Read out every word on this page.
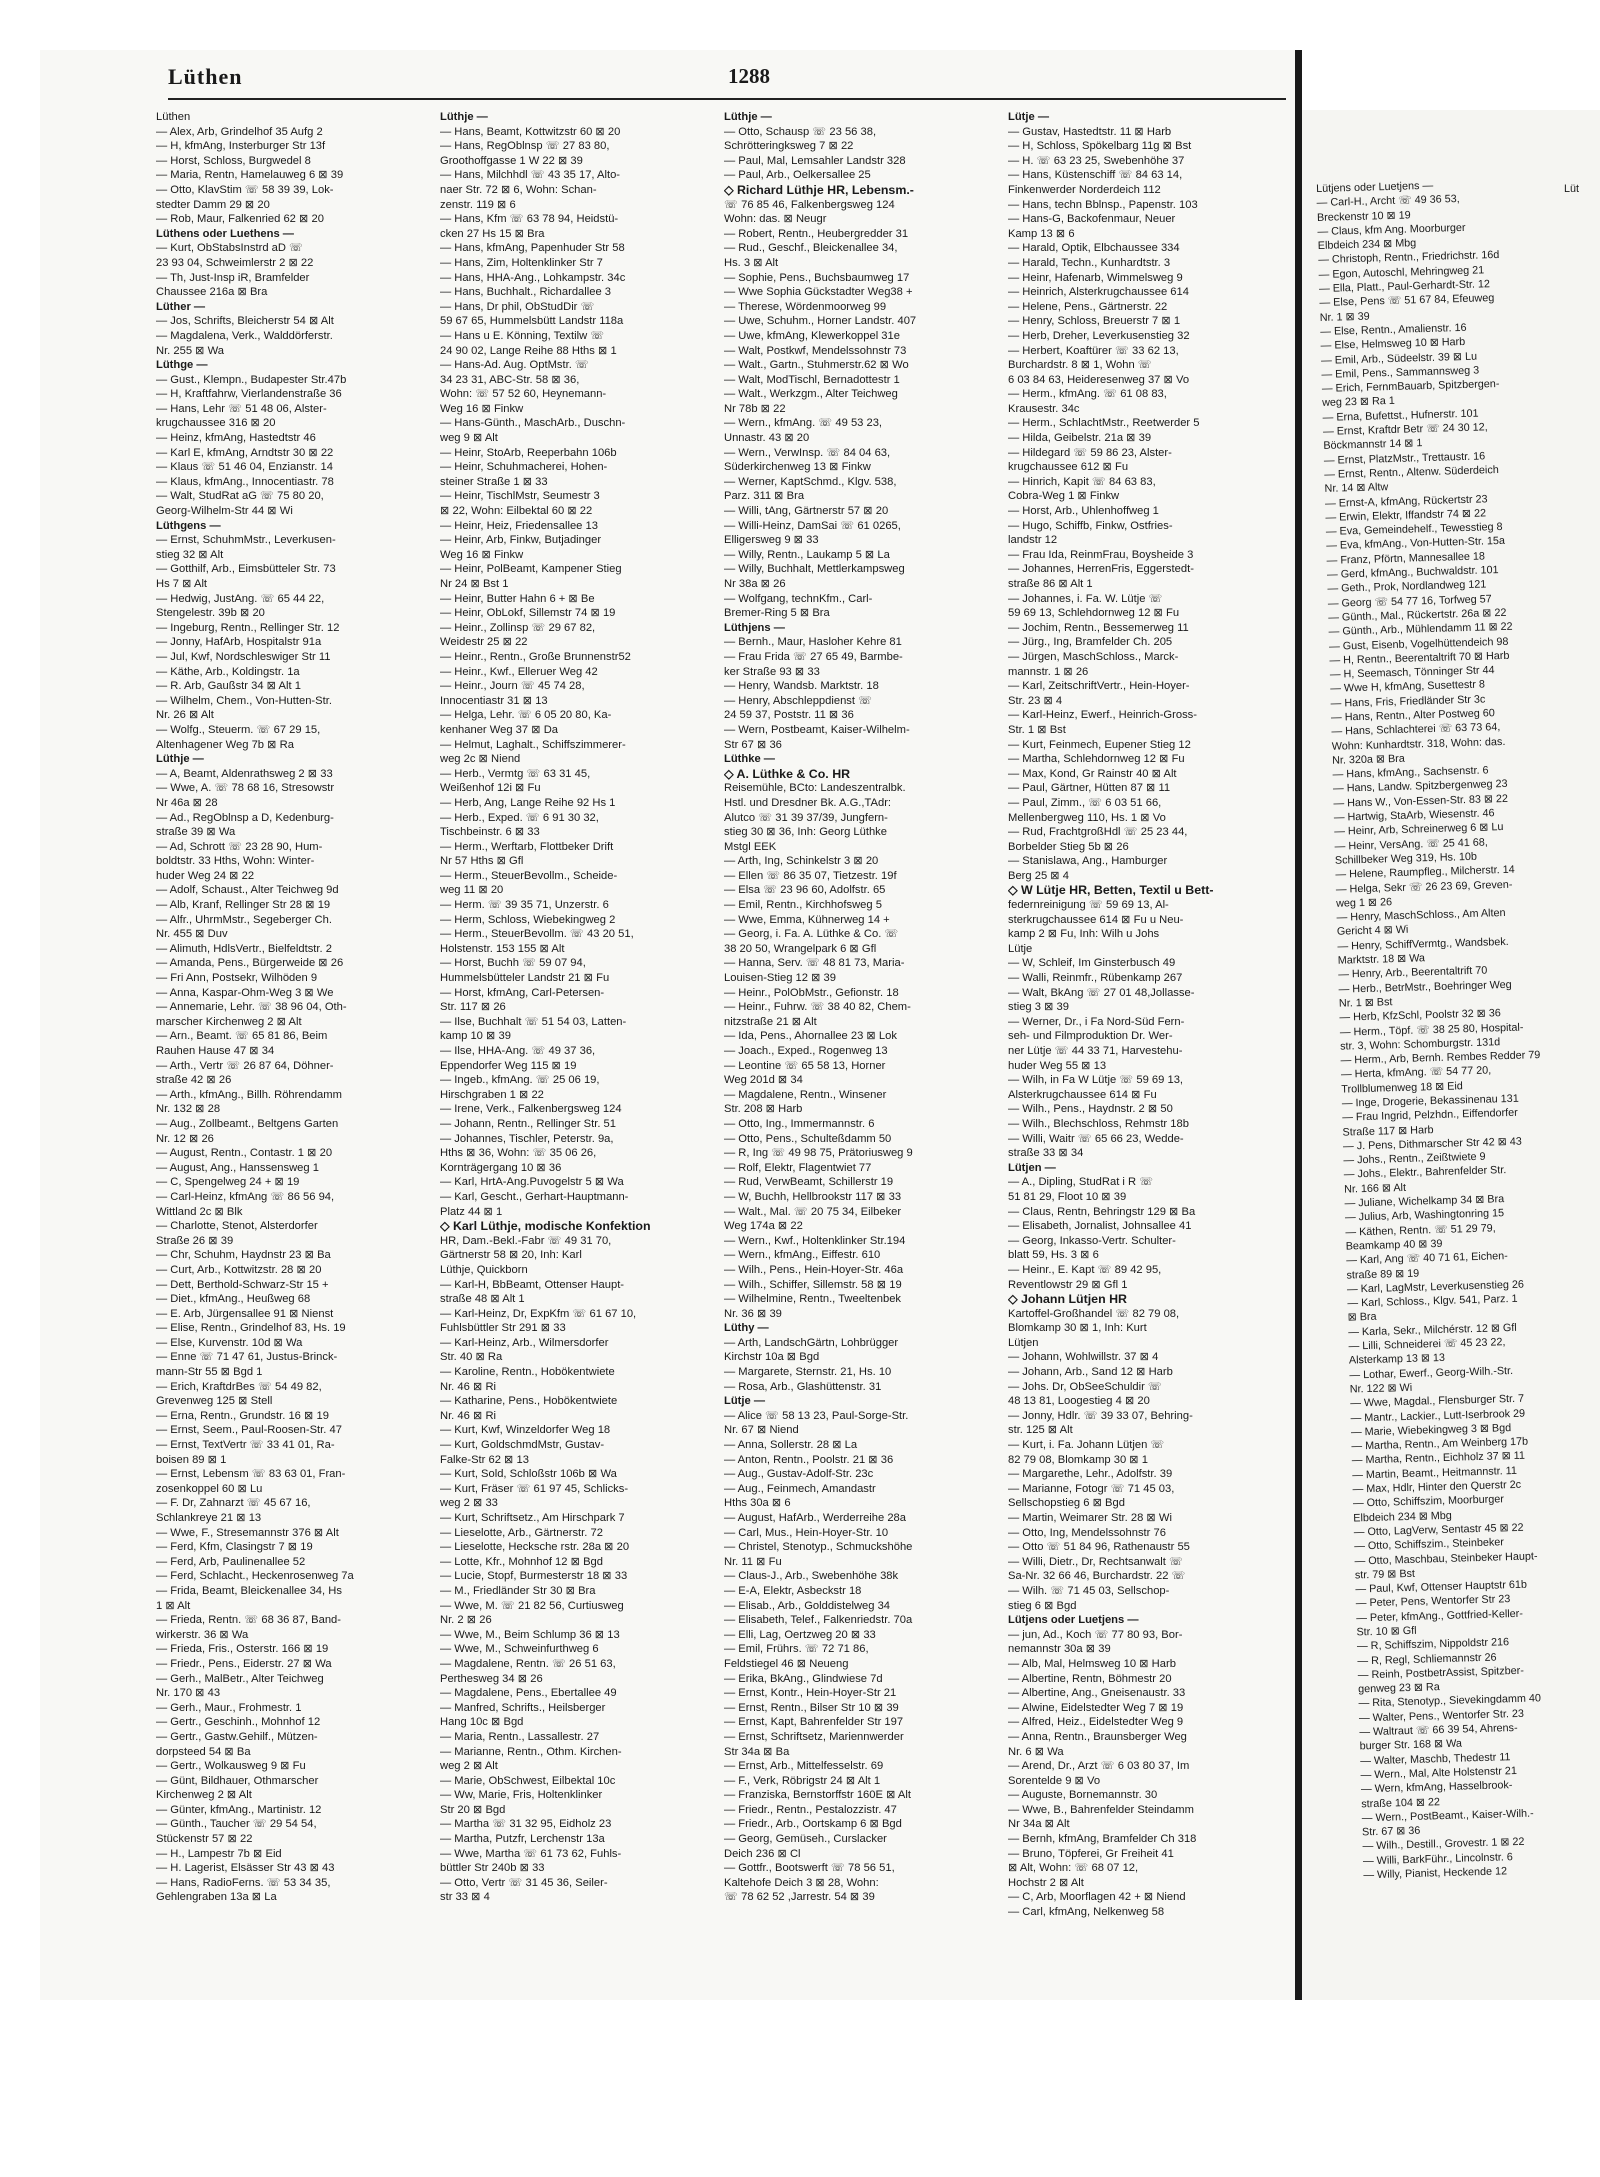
Lüthen	1288
Lüthen
— Alex, Arb, Grindelhof 35 Aufg 2
— H, kfmAng, Insterburger Str 13f
— Horst, Schloss, Burgwedel 8
— Maria, Rentn, Hamelauweg 6 ⊠ 39
— Otto, KlavStim ☏ 58 39 39, Lok-
stedter Damm 29 ⊠ 20
— Rob, Maur, Falkenried 62 ⊠ 20
Lüthens oder Luethens —
— Kurt, ObStabsInstrd aD ☏
23 93 04, Schweimlerstr 2 ⊠ 22
— Th, Just-Insp iR, Bramfelder
Chaussee 216a ⊠ Bra
Lüther —
— Jos, Schrifts, Bleicherstr 54 ⊠ Alt
— Magdalena, Verk., Walddörferstr.
Nr. 255 ⊠ Wa
Lüthge —
— Gust., Klempn., Budapester Str.47b
— H, Kraftfahrw, Vierlandenstraße 36
— Hans, Lehr ☏ 51 48 06, Alster-
krugchaussee 316 ⊠ 20
— Heinz, kfmAng, Hastedtstr 46
— Karl E, kfmAng, Arndtstr 30 ⊠ 22
— Klaus ☏ 51 46 04, Enzianstr. 14
— Klaus, kfmAng., Innocentiastr. 78
— Walt, StudRat aG ☏ 75 80 20,
Georg-Wilhelm-Str 44 ⊠ Wi
Lüthgens —
— Ernst, SchuhmMstr., Leverkusen-
stieg 32 ⊠ Alt
— Gotthilf, Arb., Eimsbütteler Str. 73
Hs 7 ⊠ Alt
— Hedwig, JustAng. ☏ 65 44 22,
Stengelestr. 39b ⊠ 20
— Ingeburg, Rentn., Rellinger Str. 12
— Jonny, HafArb, Hospitalstr 91a
— Jul, Kwf, Nordschleswiger Str 11
— Käthe, Arb., Koldingstr. 1a
— R. Arb, Gaußstr 34 ⊠ Alt 1
— Wilhelm, Chem., Von-Hutten-Str.
Nr. 26 ⊠ Alt
— Wolfg., Steuerm. ☏ 67 29 15,
Altenhagener Weg 7b ⊠ Ra
Lüthje —
— A, Beamt, Aldenrathsweg 2 ⊠ 33
— Wwe, A. ☏ 78 68 16, Stresowstr
Nr 46a ⊠ 28
— Ad., RegOblnsp a D, Kedenburg-
straße 39 ⊠ Wa
— Ad, Schrott ☏ 23 28 90, Hum-
boldtstr. 33 Hths, Wohn: Winter-
huder Weg 24 ⊠ 22
— Adolf, Schaust., Alter Teichweg 9d
— Alb, Kranf, Rellinger Str 28 ⊠ 19
— Alfr., UhrmMstr., Segeberger Ch.
Nr. 455 ⊠ Duv
— Alimuth, HdlsVertr., Bielfeldtstr. 2
— Amanda, Pens., Bürgerweide ⊠ 26
— Fri Ann, Postsekr, Wilhöden 9
— Anna, Kaspar-Ohm-Weg 3 ⊠ We
— Annemarie, Lehr. ☏ 38 96 04, Oth-
marscher Kirchenweg 2 ⊠ Alt
— Arn., Beamt. ☏ 65 81 86, Beim
Rauhen Hause 47 ⊠ 34
— Arth., Vertr ☏ 26 87 64, Döhner-
straße 42 ⊠ 26
— Arth., kfmAng., Billh. Röhrendamm
Nr. 132 ⊠ 28
— Aug., Zollbeamt., Beltgens Garten
Nr. 12 ⊠ 26
— August, Rentn., Contastr. 1 ⊠ 20
— August, Ang., Hanssensweg 1
— C, Spengelweg 24 + ⊠ 19
— Carl-Heinz, kfmAng ☏ 86 56 94,
Wittland 2c ⊠ Blk
— Charlotte, Stenot, Alsterdorfer
Straße 26 ⊠ 39
— Chr, Schuhm, Haydnstr 23 ⊠ Ba
— Curt, Arb., Kottwitzstr. 28 ⊠ 20
— Dett, Berthold-Schwarz-Str 15 +
— Diet., kfmAng., Heußweg 68
— E. Arb, Jürgensallee 91 ⊠ Nienst
— Elise, Rentn., Grindelhof 83, Hs. 19
— Else, Kurvenstr. 10d ⊠ Wa
— Enne ☏ 71 47 61, Justus-Brinck-
mann-Str 55 ⊠ Bgd 1
— Erich, KraftdrBes ☏ 54 49 82,
Grevenweg 125 ⊠ Stell
— Erna, Rentn., Grundstr. 16 ⊠ 19
— Ernst, Seem., Paul-Roosen-Str. 47
— Ernst, TextVertr ☏ 33 41 01, Ra-
boisen 89 ⊠ 1
— Ernst, Lebensm ☏ 83 63 01, Fran-
zosenkoppel 60 ⊠ Lu
— F. Dr, Zahnarzt ☏ 45 67 16,
Schlankreye 21 ⊠ 13
— Wwe, F., Stresemannstr 376 ⊠ Alt
— Ferd, Kfm, Clasingstr 7 ⊠ 19
— Ferd, Arb, Paulinenallee 52
— Ferd, Schlacht., Heckenrosenweg 7a
— Frida, Beamt, Bleickenallee 34, Hs
1 ⊠ Alt
— Frieda, Rentn. ☏ 68 36 87, Band-
wirkerstr. 36 ⊠ Wa
— Frieda, Fris., Osterstr. 166 ⊠ 19
— Friedr., Pens., Eiderstr. 27 ⊠ Wa
— Gerh., MalBetr., Alter Teichweg
Nr. 170 ⊠ 43
— Gerh., Maur., Frohmestr. 1
— Gertr., Geschinh., Mohnhof 12
— Gertr., Gastw.Gehilf., Mützen-
dorpsteed 54 ⊠ Ba
— Gertr., Wolkausweg 9 ⊠ Fu
— Günt, Bildhauer, Othmarscher
Kirchenweg 2 ⊠ Alt
— Günter, kfmAng., Martinistr. 12
— Günth., Taucher ☏ 29 54 54,
Stückenstr 57 ⊠ 22
— H., Lampestr 7b ⊠ Eid
— H. Lagerist, Elsässer Str 43 ⊠ 43
— Hans, RadioFerns. ☏ 53 34 35,
Gehlengraben 13a ⊠ La
Lüthje —
— Hans, Beamt, Kottwitzstr 60 ⊠ 20
— Hans, RegOblnsp ☏ 27 83 80,
Groothoffgasse 1 W 22 ⊠ 39
— Hans, Milchhdl ☏ 43 35 17, Alto-
naer Str. 72 ⊠ 6, Wohn: Schan-
zenstr. 119 ⊠ 6
— Hans, Kfm ☏ 63 78 94, Heidstü-
cken 27 Hs 15 ⊠ Bra
— Hans, kfmAng, Papenhuder Str 58
— Hans, Zim, Holtenklinker Str 7
— Hans, HHA-Ang., Lohkampstr. 34c
— Hans, Buchhalt., Richardallee 3
— Hans, Dr phil, ObStudDir ☏
59 67 65, Hummelsbütt Landstr 118a
— Hans u E. Könning, Textilw ☏
24 90 02, Lange Reihe 88 Hths ⊠ 1
— Hans-Ad. Aug. OptMstr. ☏
34 23 31, ABC-Str. 58 ⊠ 36,
Wohn: ☏ 57 52 60, Heynemann-
Weg 16 ⊠ Finkw
— Hans-Günth., MaschArb., Duschn-
weg 9 ⊠ Alt
— Heinr, StoArb, Reeperbahn 106b
— Heinr, Schuhmacherei, Hohen-
steiner Straße 1 ⊠ 33
— Heinr, TischlMstr, Seumestr 3
⊠ 22, Wohn: Eilbektal 60 ⊠ 22
— Heinr, Heiz, Friedensallee 13
— Heinr, Arb, Finkw, Butjadinger
Weg 16 ⊠ Finkw
— Heinr, PolBeamt, Kampener Stieg
Nr 24 ⊠ Bst 1
— Heinr, Butter Hahn 6 + ⊠ Be
— Heinr, ObLokf, Sillemstr 74 ⊠ 19
— Heinr., Zollinsp ☏ 29 67 82,
Weidestr 25 ⊠ 22
— Heinr., Rentn., Große Brunnenstr52
— Heinr., Kwf., Elleruer Weg 42
— Heinr., Journ ☏ 45 74 28,
Innocentiastr 31 ⊠ 13
— Helga, Lehr. ☏ 6 05 20 80, Ka-
kenhaner Weg 37 ⊠ Da
— Helmut, Laghalt., Schiffszimmerer-
weg 2c ⊠ Niend
— Herb., Vermtg ☏ 63 31 45,
Weißenhof 12i ⊠ Fu
— Herb, Ang, Lange Reihe 92 Hs 1
— Herb., Exped. ☏ 6 91 30 32,
Tischbeinstr. 6 ⊠ 33
— Herm., Werftarb, Flottbeker Drift
Nr 57 Hths ⊠ Gfl
— Herm., SteuerBevollm., Scheide-
weg 11 ⊠ 20
— Herm. ☏ 39 35 71, Unzerstr. 6
— Herm, Schloss, Wiebekingweg 2
— Herm., SteuerBevollm. ☏ 43 20 51,
Holstenstr. 153 155 ⊠ Alt
— Horst, Buchh ☏ 59 07 94,
Hummelsbütteler Landstr 21 ⊠ Fu
— Horst, kfmAng, Carl-Petersen-
Str. 117 ⊠ 26
— Ilse, Buchhalt ☏ 51 54 03, Latten-
kamp 10 ⊠ 39
— Ilse, HHA-Ang. ☏ 49 37 36,
Eppendorfer Weg 115 ⊠ 19
— Ingeb., kfmAng. ☏ 25 06 19,
Hirschgraben 1 ⊠ 22
— Irene, Verk., Falkenbergsweg 124
— Johann, Rentn., Rellinger Str. 51
— Johannes, Tischler, Peterstr. 9a,
Hths ⊠ 36, Wohn: ☏ 35 06 26,
Kornträgergang 10 ⊠ 36
— Karl, HrtA-Ang.Puvogelstr 5 ⊠ Wa
— Karl, Gescht., Gerhart-Hauptmann-
Platz 44 ⊠ 1
◇ Karl Lüthje, modische Konfektion
HR, Dam.-Bekl.-Fabr ☏ 49 31 70,
Gärtnerstr 58 ⊠ 20, Inh: Karl
Lüthje, Quickborn
— Karl-H, BbBeamt, Ottenser Haupt-
straße 48 ⊠ Alt 1
— Karl-Heinz, Dr, ExpKfm ☏ 61 67 10,
Fuhlsbüttler Str 291 ⊠ 33
— Karl-Heinz, Arb., Wilmersdorfer
Str. 40 ⊠ Ra
— Karoline, Rentn., Hobökentwiete
Nr. 46 ⊠ Ri
— Katharine, Pens., Hobökentwiete
Nr. 46 ⊠ Ri
— Kurt, Kwf, Winzeldorfer Weg 18
— Kurt, GoldschmdMstr, Gustav-
Falke-Str 62 ⊠ 13
— Kurt, Sold, Schloßstr 106b ⊠ Wa
— Kurt, Fräser ☏ 61 97 45, Schlicks-
weg 2 ⊠ 33
— Kurt, Schriftsetz., Am Hirschpark 7
— Lieselotte, Arb., Gärtnerstr. 72
— Lieselotte, Hecksche rstr. 28a ⊠ 20
— Lotte, Kfr., Mohnhof 12 ⊠ Bgd
— Lucie, Stopf, Burmesterstr 18 ⊠ 33
— M., Friedländer Str 30 ⊠ Bra
— Wwe, M. ☏ 21 82 56, Curtiusweg
Nr. 2 ⊠ 26
— Wwe, M., Beim Schlump 36 ⊠ 13
— Wwe, M., Schweinfurthweg 6
— Magdalene, Rentn. ☏ 26 51 63,
Perthesweg 34 ⊠ 26
— Magdalene, Pens., Ebertallee 49
— Manfred, Schrifts., Heilsberger
Hang 10c ⊠ Bgd
— Maria, Rentn., Lassallestr. 27
— Marianne, Rentn., Othm. Kirchen-
weg 2 ⊠ Alt
— Marie, ObSchwest, Eilbektal 10c
— Ww, Marie, Fris, Holtenklinker
Str 20 ⊠ Bgd
— Martha ☏ 31 32 95, Eidholz 23
— Martha, Putzfr, Lerchenstr 13a
— Wwe, Martha ☏ 61 73 62, Fuhls-
büttler Str 240b ⊠ 33
— Otto, Vertr ☏ 31 45 36, Seiler-
str 33 ⊠ 4
Lüthje —
— Otto, Schausp ☏ 23 56 38,
Schrötteringksweg 7 ⊠ 22
— Paul, Mal, Lemsahler Landstr 328
— Paul, Arb., Oelkersallee 25
◇ Richard Lüthje HR, Lebensm.-
☏ 76 85 46, Falkenbergsweg 124
Wohn: das. ⊠ Neugr
— Robert, Rentn., Heubergredder 31
— Rud., Geschf., Bleickenallee 34,
Hs. 3 ⊠ Alt
— Sophie, Pens., Buchsbaumweg 17
— Wwe Sophia Gückstadter Weg38 +
— Therese, Wördenmoorweg 99
— Uwe, Schuhm., Horner Landstr. 407
— Uwe, kfmAng, Klewerkoppel 31e
— Walt, Postkwf, Mendelssohnstr 73
— Walt., Gartn., Stuhmerstr.62 ⊠ Wo
— Walt, ModTischl, Bernadottestr 1
— Walt., Werkzgm., Alter Teichweg
Nr 78b ⊠ 22
— Wern., kfmAng. ☏ 49 53 23,
Unnastr. 43 ⊠ 20
— Wern., VerwInsp. ☏ 84 04 63,
Süderkirchenweg 13 ⊠ Finkw
— Werner, KaptSchmd., Klgv. 538,
Parz. 311 ⊠ Bra
— Willi, tAng, Gärtnerstr 57 ⊠ 20
— Willi-Heinz, DamSai ☏ 61 0265,
Elligersweg 9 ⊠ 33
— Willy, Rentn., Laukamp 5 ⊠ La
— Willy, Buchhalt, Mettlerkampsweg
Nr 38a ⊠ 26
— Wolfgang, technKfm., Carl-
Bremer-Ring 5 ⊠ Bra
Lüthjens —
— Bernh., Maur, Hasloher Kehre 81
— Frau Frida ☏ 27 65 49, Barmbe-
ker Straße 93 ⊠ 33
— Henry, Wandsb. Marktstr. 18
— Henry, Abschleppdienst ☏
24 59 37, Poststr. 11 ⊠ 36
— Wern, Postbeamt, Kaiser-Wilhelm-
Str 67 ⊠ 36
Lüthke —
◇ A. Lüthke & Co. HR
Reisemühle, BCto: Landeszentralbk.
Hstl. und Dresdner Bk. A.G.,TAdr:
Alutco ☏ 31 39 37/39, Jungfern-
stieg 30 ⊠ 36, Inh: Georg Lüthke
Mstgl EEK
— Arth, Ing, Schinkelstr 3 ⊠ 20
— Ellen ☏ 86 35 07, Tietzestr. 19f
— Elsa ☏ 23 96 60, Adolfstr. 65
— Emil, Rentn., Kirchhofsweg 5
— Wwe, Emma, Kühnerweg 14 +
— Georg, i. Fa. A. Lüthke & Co. ☏
38 20 50, Wrangelpark 6 ⊠ Gfl
— Hanna, Serv. ☏ 48 81 73, Maria-
Louisen-Stieg 12 ⊠ 39
— Heinr., PolObMstr., Gefionstr. 18
— Heinr., Fuhrw. ☏ 38 40 82, Chem-
nitzstraße 21 ⊠ Alt
— Ida, Pens., Ahornallee 23 ⊠ Lok
— Joach., Exped., Rogenweg 13
— Leontine ☏ 65 58 13, Horner
Weg 201d ⊠ 34
— Magdalene, Rentn., Winsener
Str. 208 ⊠ Harb
— Otto, Ing., Immermannstr. 6
— Otto, Pens., Schulteßdamm 50
— R, Ing ☏ 49 98 75, Prätoriusweg 9
— Rolf, Elektr, Flagentwiet 77
— Rud, VerwBeamt, Schillerstr 19
— W, Buchh, Hellbrookstr 117 ⊠ 33
— Walt., Mal. ☏ 20 75 34, Eilbeker
Weg 174a ⊠ 22
— Wern., Kwf., Holtenklinker Str.194
— Wern., kfmAng., Eiffestr. 610
— Wilh., Pens., Hein-Hoyer-Str. 46a
— Wilh., Schiffer, Sillemstr. 58 ⊠ 19
— Wilhelmine, Rentn., Tweeltenbek
Nr. 36 ⊠ 39
Lüthy —
— Arth, LandschGärtn, Lohbrügger
Kirchstr 10a ⊠ Bgd
— Margarete, Sternstr. 21, Hs. 10
— Rosa, Arb., Glashüttenstr. 31
Lütje —
— Alice ☏ 58 13 23, Paul-Sorge-Str.
Nr. 67 ⊠ Niend
— Anna, Sollerstr. 28 ⊠ La
— Anton, Rentn., Poolstr. 21 ⊠ 36
— Aug., Gustav-Adolf-Str. 23c
— Aug., Feinmech, Amandastr
Hths 30a ⊠ 6
— August, HafArb., Werderreihe 28a
— Carl, Mus., Hein-Hoyer-Str. 10
— Christel, Stenotyp., Schmuckshöhe
Nr. 11 ⊠ Fu
— Claus-J., Arb., Swebenhöhe 38k
— E-A, Elektr, Asbeckstr 18
— Elisab., Arb., Golddistelweg 34
— Elisabeth, Telef., Falkenriedstr. 70a
— Elli, Lag, Oertzweg 20 ⊠ 33
— Emil, Frührs. ☏ 72 71 86,
Feldstiegel 46 ⊠ Neueng
— Erika, BkAng., Glindwiese 7d
— Ernst, Kontr., Hein-Hoyer-Str 21
— Ernst, Rentn., Bilser Str 10 ⊠ 39
— Ernst, Kapt, Bahrenfelder Str 197
— Ernst, Schriftsetz, Mariennwerder
Str 34a ⊠ Ba
— Ernst, Arb., Mittelfesselstr. 69
— F., Verk, Röbrigstr 24 ⊠ Alt 1
— Franziska, Bernstorffstr 160E ⊠ Alt
— Friedr., Rentn., Pestalozzistr. 47
— Friedr., Arb., Oortskamp 6 ⊠ Bgd
— Georg, Gemüseh., Curslacker
Deich 236 ⊠ Cl
— Gottfr., Bootswerft ☏ 78 56 51,
Kaltehofe Deich 3 ⊠ 28, Wohn:
☏ 78 62 52 ,Jarrestr. 54 ⊠ 39
Lütje —
— Gustav, Hastedtstr. 11 ⊠ Harb
— H, Schloss, Spökelbarg 11g ⊠ Bst
— H. ☏ 63 23 25, Swebenhöhe 37
— Hans, Küstenschiff ☏ 84 63 14,
Finkenwerder Norderdeich 112
— Hans, techn Bblnsp., Papenstr. 103
— Hans-G, Backofenmaur, Neuer
Kamp 13 ⊠ 6
— Harald, Optik, Elbchaussee 334
— Harald, Techn., Kunhardtstr. 3
— Heinr, Hafenarb, Wimmelsweg 9
— Heinrich, Alsterkrugchaussee 614
— Helene, Pens., Gärtnerstr. 22
— Henry, Schloss, Breuerstr 7 ⊠ 1
— Herb, Dreher, Leverkusenstieg 32
— Herbert, Koaftürer ☏ 33 62 13,
Burchardstr. 8 ⊠ 1, Wohn ☏
6 03 84 63, Heideresenweg 37 ⊠ Vo
— Herm., kfmAng. ☏ 61 08 83,
Krausestr. 34c
— Herm., SchlachtMstr., Reetwerder 5
— Hilda, Geibelstr. 21a ⊠ 39
— Hildegard ☏ 59 86 23, Alster-
krugchaussee 612 ⊠ Fu
— Hinrich, Kapit ☏ 84 63 83,
Cobra-Weg 1 ⊠ Finkw
— Horst, Arb., Uhlenhoffweg 1
— Hugo, Schiffb, Finkw, Ostfries-
landstr 12
— Frau Ida, ReinmFrau, Boysheide 3
— Johannes, HerrenFris, Eggerstedt-
straße 86 ⊠ Alt 1
— Johannes, i. Fa. W. Lütje ☏
59 69 13, Schlehdornweg 12 ⊠ Fu
— Jochim, Rentn., Bessemerweg 11
— Jürg., Ing, Bramfelder Ch. 205
— Jürgen, MaschSchloss., Marck-
mannstr. 1 ⊠ 26
— Karl, ZeitschriftVertr., Hein-Hoyer-
Str. 23 ⊠ 4
— Karl-Heinz, Ewerf., Heinrich-Gross-
Str. 1 ⊠ Bst
— Kurt, Feinmech, Eupener Stieg 12
— Martha, Schlehdornweg 12 ⊠ Fu
— Max, Kond, Gr Rainstr 40 ⊠ Alt
— Paul, Gärtner, Hütten 87 ⊠ 11
— Paul, Zimm., ☏ 6 03 51 66,
Mellenbergweg 110, Hs. 1 ⊠ Vo
— Rud, FrachtgroßHdl ☏ 25 23 44,
Borbelder Stieg 5b ⊠ 26
— Stanislawa, Ang., Hamburger
Berg 25 ⊠ 4
◇ W Lütje HR, Betten, Textil u Bett-
federnreinigung ☏ 59 69 13, Al-
sterkrugchaussee 614 ⊠ Fu u Neu-
kamp 2 ⊠ Fu, Inh: Wilh u Johs
Lütje
— W, Schleif, Im Ginsterbusch 49
— Walli, Reinmfr., Rübenkamp 267
— Walt, BkAng ☏ 27 01 48,Jollasse-
stieg 3 ⊠ 39
— Werner, Dr., i Fa Nord-Süd Fern-
seh- und Filmproduktion Dr. Wer-
ner Lütje ☏ 44 33 71, Harvestehu-
huder Weg 55 ⊠ 13
— Wilh, in Fa W Lütje ☏ 59 69 13,
Alsterkrugchaussee 614 ⊠ Fu
— Wilh., Pens., Haydnstr. 2 ⊠ 50
— Wilh., Blechschloss, Rehmstr 18b
— Willi, Waitr ☏ 65 66 23, Wedde-
straße 33 ⊠ 34
Lütjen —
— A., Dipling, StudRat i R ☏
51 81 29, Floot 10 ⊠ 39
— Claus, Rentn, Behringstr 129 ⊠ Ba
— Elisabeth, Jornalist, Johnsallee 41
— Georg, Inkasso-Vertr. Schulter-
blatt 59, Hs. 3 ⊠ 6
— Heinr., E. Kapt ☏ 89 42 95,
Reventlowstr 29 ⊠ Gfl 1
◇ Johann Lütjen HR
Kartoffel-Großhandel ☏ 82 79 08,
Blomkamp 30 ⊠ 1, Inh: Kurt
Lütjen
— Johann, Wohlwillstr. 37 ⊠ 4
— Johann, Arb., Sand 12 ⊠ Harb
— Johs. Dr, ObSeeSchuldir ☏
48 13 81, Loogestieg 4 ⊠ 20
— Jonny, Hdlr. ☏ 39 33 07, Behring-
str. 125 ⊠ Alt
— Kurt, i. Fa. Johann Lütjen ☏
82 79 08, Blomkamp 30 ⊠ 1
— Margarethe, Lehr., Adolfstr. 39
— Marianne, Fotogr ☏ 71 45 03,
Sellschopstieg 6 ⊠ Bgd
— Martin, Weimarer Str. 28 ⊠ Wi
— Otto, Ing, Mendelssohnstr 76
— Otto ☏ 51 84 96, Rathenaustr 55
— Willi, Dietr., Dr, Rechtsanwalt ☏
Sa-Nr. 32 66 46, Burchardstr. 22 ☏
— Wilh. ☏ 71 45 03, Sellschop-
stieg 6 ⊠ Bgd
Lütjens oder Luetjens —
— jun, Ad., Koch ☏ 77 80 93, Bor-
nemannstr 30a ⊠ 39
— Alb, Mal, Helmsweg 10 ⊠ Harb
— Albertine, Rentn, Böhmestr 20
— Albertine, Ang., Gneisenaustr. 33
— Alwine, Eidelstedter Weg 7 ⊠ 19
— Alfred, Heiz., Eidelstedter Weg 9
— Anna, Rentn., Braunsberger Weg
Nr. 6 ⊠ Wa
— Arend, Dr., Arzt ☏ 6 03 80 37, Im
Sorentelde 9 ⊠ Vo
— Auguste, Bornemannstr. 30
— Wwe, B., Bahrenfelder Steindamm
Nr 34a ⊠ Alt
— Bernh, kfmAng, Bramfelder Ch 318
— Bruno, Töpferei, Gr Freiheit 41
⊠ Alt, Wohn: ☏ 68 07 12,
Hochstr 2 ⊠ Alt
— C, Arb, Moorflagen 42 + ⊠ Niend
— Carl, kfmAng, Nelkenweg 58
Lütjens oder Luetjens —
— Carl-H., Archt ☏ 49 36 53,
Breckenstr 10 ⊠ 19
— Claus, kfm Ang. Moorburger
Elbdeich 234 ⊠ Mbg
— Christoph, Rentn., Friedrichstr. 16d
— Egon, Autoschl, Mehringweg 21
— Ella, Platt., Paul-Gerhardt-Str. 12
— Else, Pens ☏ 51 67 84, Efeuweg
Nr. 1 ⊠ 39
— Else, Rentn., Amalienstr. 16
— Else, Helmsweg 10 ⊠ Harb
— Emil, Arb., Südeelstr. 39 ⊠ Lu
— Emil, Pens., Sammannsweg 3
— Erich, FernmBauarb, Spitzbergen-
weg 23 ⊠ Ra 1
— Erna, Bufettst., Hufnerstr. 101
— Ernst, Kraftdr Betr ☏ 24 30 12,
Böckmannstr 14 ⊠ 1
— Ernst, PlatzMstr., Trettaustr. 16
— Ernst, Rentn., Altenw. Süderdeich
Nr. 14 ⊠ Altw
— Ernst-A, kfmAng, Rückertstr 23
— Erwin, Elektr, Iffandstr 74 ⊠ 22
— Eva, Gemeindehelf., Tewesstieg 8
— Eva, kfmAng., Von-Hutten-Str. 15a
— Franz, Pförtn, Mannesallee 18
— Gerd, kfmAng., Buchwaldstr. 101
— Geth., Prok, Nordlandweg 121
— Georg ☏ 54 77 16, Torfweg 57
— Günth., Mal., Rückertstr. 26a ⊠ 22
— Günth., Arb., Mühlendamm 11 ⊠ 22
— Gust, Eisenb, Vogelhüttendeich 98
— H, Rentn., Beerentaltrift 70 ⊠ Harb
— H, Seemasch, Tönninger Str 44
— Wwe H, kfmAng, Susettestr 8
— Hans, Fris, Friedländer Str 3c
— Hans, Rentn., Alter Postweg 60
— Hans, Schlachterei ☏ 63 73 64,
Wohn: Kunhardtstr. 318, Wohn: das.
Nr. 320a ⊠ Bra
— Hans, kfmAng., Sachsenstr. 6
— Hans, Landw. Spitzbergenweg 23
— Hans W., Von-Essen-Str. 83 ⊠ 22
— Hartwig, StaArb, Wiesenstr. 46
— Heinr, Arb, Schreinerweg 6 ⊠ Lu
— Heinr, VersAng. ☏ 25 41 68,
Schillbeker Weg 319, Hs. 10b
— Helene, Raumpfleg., Milcherstr. 14
— Helga, Sekr ☏ 26 23 69, Greven-
weg 1 ⊠ 26
— Henry, MaschSchloss., Am Alten
Gericht 4 ⊠ Wi
— Henry, SchiffVermtg., Wandsbek.
Marktstr. 18 ⊠ Wa
— Henry, Arb., Beerentaltrift 70
— Herb., BetrMstr., Boehringer Weg
Nr. 1 ⊠ Bst
— Herb, KfzSchl, Poolstr 32 ⊠ 36
— Herm., Töpf. ☏ 38 25 80, Hospital-
str. 3, Wohn: Schomburgstr. 131d
— Herm., Arb, Bernh. Rembes Redder 79
— Herta, kfmAng. ☏ 54 77 20,
Trollblumenweg 18 ⊠ Eid
— Inge, Drogerie, Bekassinenau 131
— Frau Ingrid, Pelzhdn., Eiffendorfer
Straße 117 ⊠ Harb
— J. Pens, Dithmarscher Str 42 ⊠ 43
— Johs., Rentn., Zeißtwiete 9
— Johs., Elektr., Bahrenfelder Str.
Nr. 166 ⊠ Alt
— Juliane, Wichelkamp 34 ⊠ Bra
— Julius, Arb, Washingtonring 15
— Käthen, Rentn. ☏ 51 29 79,
Beamkamp 40 ⊠ 39
— Karl, Ang ☏ 40 71 61, Eichen-
straße 89 ⊠ 19
— Karl, LagMstr, Leverkusenstieg 26
— Karl, Schloss., Klgv. 541, Parz. 1
⊠ Bra
— Karla, Sekr., Milchérstr. 12 ⊠ Gfl
— Lilli, Schneiderei ☏ 45 23 22,
Alsterkamp 13 ⊠ 13
— Lothar, Ewerf., Georg-Wilh.-Str.
Nr. 122 ⊠ Wi
— Wwe, Magdal., Flensburger Str. 7
— Mantr., Lackier., Lutt-Iserbrook 29
— Marie, Wiebekingweg 3 ⊠ Bgd
— Martha, Rentn., Am Weinberg 17b
— Martha, Rentn., Eichholz 37 ⊠ 11
— Martin, Beamt., Heitmannstr. 11
— Max, Hdlr, Hinter den Querstr 2c
— Otto, Schiffszim, Moorburger
Elbdeich 234 ⊠ Mbg
— Otto, LagVerw, Sentastr 45 ⊠ 22
— Otto, Schiffszim., Steinbeker
— Otto, Maschbau, Steinbeker Haupt-
str. 79 ⊠ Bst
— Paul, Kwf, Ottenser Hauptstr 61b
— Peter, Pens, Wentorfer Str 23
— Peter, kfmAng., Gottfried-Keller-
Str. 10 ⊠ Gfl
— R, Schiffszim, Nippoldstr 216
— R, Regl, Schliemannstr 26
— Reinh, PostbetrAssist, Spitzber-
genweg 23 ⊠ Ra
— Rita, Stenotyp., Sievekingdamm 40
— Walter, Pens., Wentorfer Str. 23
— Waltraut ☏ 66 39 54, Ahrens-
burger Str. 168 ⊠ Wa
— Walter, Maschb, Thedestr 11
— Wern., Mal, Alte Holstenstr 21
— Wern, kfmAng, Hasselbrook-
straße 104 ⊠ 22
— Wern., PostBeamt., Kaiser-Wilh.-
Str. 67 ⊠ 36
— Wilh., Destill., Grovestr. 1 ⊠ 22
— Willi, BarkFühr., Lincolnstr. 6
— Willy, Pianist, Heckende 12
Lüt
